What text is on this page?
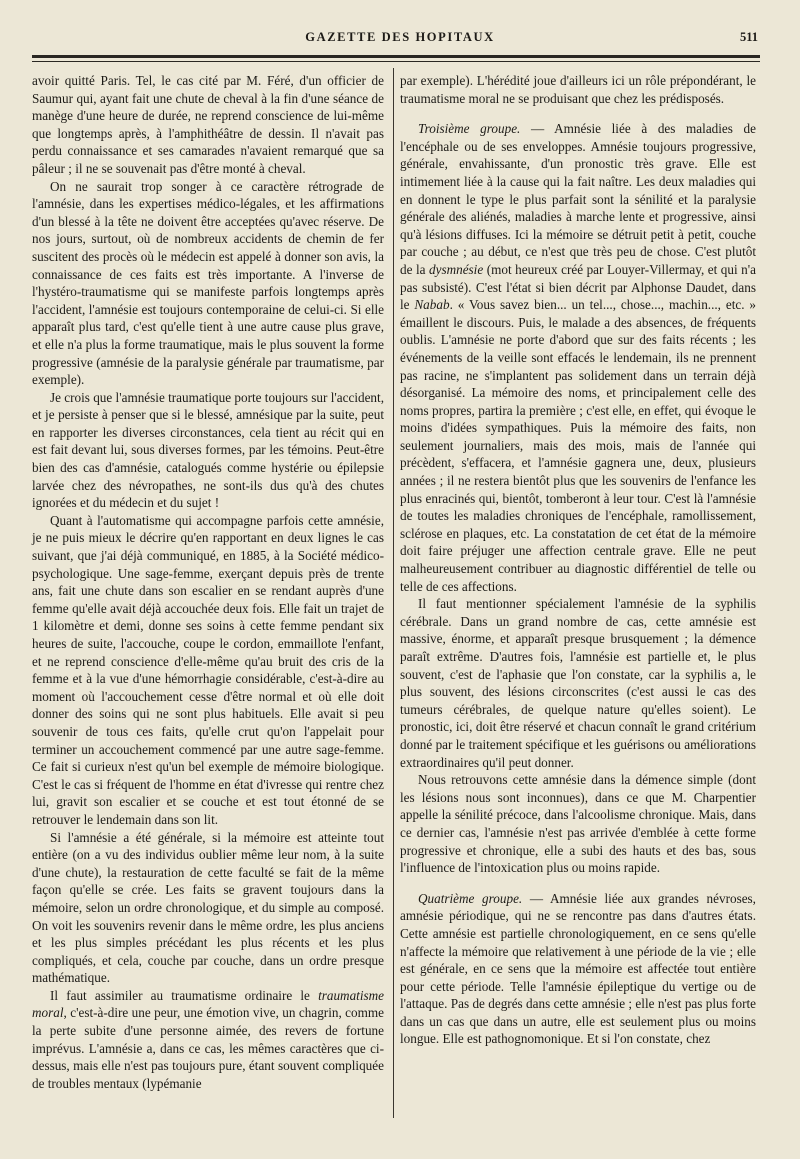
GAZETTE DES HOPITAUX	511

avoir quitté Paris. Tel, le cas cité par M. Féré, d'un officier de Saumur qui, ayant fait une chute de cheval à la fin d'une séance de manège d'une heure de durée, ne reprend conscience de lui-même que longtemps après, à l'amphithéâtre de dessin. Il n'avait pas perdu connaissance et ses camarades n'avaient remarqué que sa pâleur ; il ne se souvenait pas d'être monté à cheval.

On ne saurait trop songer à ce caractère rétrograde de l'amnésie, dans les expertises médico-légales, et les affirmations d'un blessé à la tête ne doivent être acceptées qu'avec réserve. De nos jours, surtout, où de nombreux accidents de chemin de fer suscitent des procès où le médecin est appelé à donner son avis, la connaissance de ces faits est très importante. A l'inverse de l'hystéro-traumatisme qui se manifeste parfois longtemps après l'accident, l'amnésie est toujours contemporaine de celui-ci. Si elle apparaît plus tard, c'est qu'elle tient à une autre cause plus grave, et elle n'a plus la forme traumatique, mais le plus souvent la forme progressive (amnésie de la paralysie générale par traumatisme, par exemple).

Je crois que l'amnésie traumatique porte toujours sur l'accident, et je persiste à penser que si le blessé, amnésique par la suite, peut en rapporter les diverses circonstances, cela tient au récit qui en est fait devant lui, sous diverses formes, par les témoins. Peut-être bien des cas d'amnésie, catalogués comme hystérie ou épilepsie larvée chez des névropathes, ne sont-ils dus qu'à des chutes ignorées et du médecin et du sujet !

Quant à l'automatisme qui accompagne parfois cette amnésie, je ne puis mieux le décrire qu'en rapportant en deux lignes le cas suivant, que j'ai déjà communiqué, en 1885, à la Société médico-psychologique. Une sage-femme, exerçant depuis près de trente ans, fait une chute dans son escalier en se rendant auprès d'une femme qu'elle avait déjà accouchée deux fois. Elle fait un trajet de 1 kilomètre et demi, donne ses soins à cette femme pendant six heures de suite, l'accouche, coupe le cordon, emmaillote l'enfant, et ne reprend conscience d'elle-même qu'au bruit des cris de la femme et à la vue d'une hémorrhagie considérable, c'est-à-dire au moment où l'accouchement cesse d'être normal et où elle doit donner des soins qui ne sont plus habituels. Elle avait si peu souvenir de tous ces faits, qu'elle crut qu'on l'appelait pour terminer un accouchement commencé par une autre sage-femme. Ce fait si curieux n'est qu'un bel exemple de mémoire biologique. C'est le cas si fréquent de l'homme en état d'ivresse qui rentre chez lui, gravit son escalier et se couche et est tout étonné de se retrouver le lendemain dans son lit.

Si l'amnésie a été générale, si la mémoire est atteinte tout entière (on a vu des individus oublier même leur nom, à la suite d'une chute), la restauration de cette faculté se fait de la même façon qu'elle se crée. Les faits se gravent toujours dans la mémoire, selon un ordre chronologique, et du simple au composé. On voit les souvenirs revenir dans le même ordre, les plus anciens et les plus simples précédant les plus récents et les plus compliqués, et cela, couche par couche, dans un ordre presque mathématique.

Il faut assimiler au traumatisme ordinaire le traumatisme moral, c'est-à-dire une peur, une émotion vive, un chagrin, comme la perte subite d'une personne aimée, des revers de fortune imprévus. L'amnésie a, dans ce cas, les mêmes caractères que ci-dessus, mais elle n'est pas toujours pure, étant souvent compliquée de troubles mentaux (lypémanie

par exemple). L'hérédité joue d'ailleurs ici un rôle prépondérant, le traumatisme moral ne se produisant que chez les prédisposés.

Troisième groupe. — Amnésie liée à des maladies de l'encéphale ou de ses enveloppes. Amnésie toujours progressive, générale, envahissante, d'un pronostic très grave. Elle est intimement liée à la cause qui la fait naître. Les deux maladies qui en donnent le type le plus parfait sont la sénilité et la paralysie générale des aliénés, maladies à marche lente et progressive, ainsi qu'à lésions diffuses. Ici la mémoire se détruit petit à petit, couche par couche ; au début, ce n'est que très peu de chose. C'est plutôt de la dysmnésie (mot heureux créé par Louyer-Villermay, et qui n'a pas subsisté). C'est l'état si bien décrit par Alphonse Daudet, dans le Nabab. « Vous savez bien... un tel..., chose..., machin..., etc. » émaillent le discours. Puis, le malade a des absences, de fréquents oublis. L'amnésie ne porte d'abord que sur des faits récents ; les événements de la veille sont effacés le lendemain, ils ne prennent pas racine, ne s'implantent pas solidement dans un terrain déjà désorganisé. La mémoire des noms, et principalement celle des noms propres, partira la première ; c'est elle, en effet, qui évoque le moins d'idées sympathiques. Puis la mémoire des faits, non seulement journaliers, mais des mois, mais de l'année qui précèdent, s'effacera, et l'amnésie gagnera une, deux, plusieurs années ; il ne restera bientôt plus que les souvenirs de l'enfance les plus enracinés qui, bientôt, tomberont à leur tour. C'est là l'amnésie de toutes les maladies chroniques de l'encéphale, ramollissement, sclérose en plaques, etc. La constatation de cet état de la mémoire doit faire préjuger une affection centrale grave. Elle ne peut malheureusement contribuer au diagnostic différentiel de telle ou telle de ces affections.

Il faut mentionner spécialement l'amnésie de la syphilis cérébrale. Dans un grand nombre de cas, cette amnésie est massive, énorme, et apparaît presque brusquement ; la démence paraît extrême. D'autres fois, l'amnésie est partielle et, le plus souvent, c'est de l'aphasie que l'on constate, car la syphilis a, le plus souvent, des lésions circonscrites (c'est aussi le cas des tumeurs cérébrales, de quelque nature qu'elles soient). Le pronostic, ici, doit être réservé et chacun connaît le grand critérium donné par le traitement spécifique et les guérisons ou améliorations extraordinaires qu'il peut donner.

Nous retrouvons cette amnésie dans la démence simple (dont les lésions nous sont inconnues), dans ce que M. Charpentier appelle la sénilité précoce, dans l'alcoolisme chronique. Mais, dans ce dernier cas, l'amnésie n'est pas arrivée d'emblée à cette forme progressive et chronique, elle a subi des hauts et des bas, sous l'influence de l'intoxication plus ou moins rapide.

Quatrième groupe. — Amnésie liée aux grandes névroses, amnésie périodique, qui ne se rencontre pas dans d'autres états. Cette amnésie est partielle chronologiquement, en ce sens qu'elle n'affecte la mémoire que relativement à une période de la vie ; elle est générale, en ce sens que la mémoire est affectée tout entière pour cette période. Telle l'amnésie épileptique du vertige ou de l'attaque. Pas de degrés dans cette amnésie ; elle n'est pas plus forte dans un cas que dans un autre, elle est seulement plus ou moins longue. Elle est pathognomonique. Et si l'on constate, chez
